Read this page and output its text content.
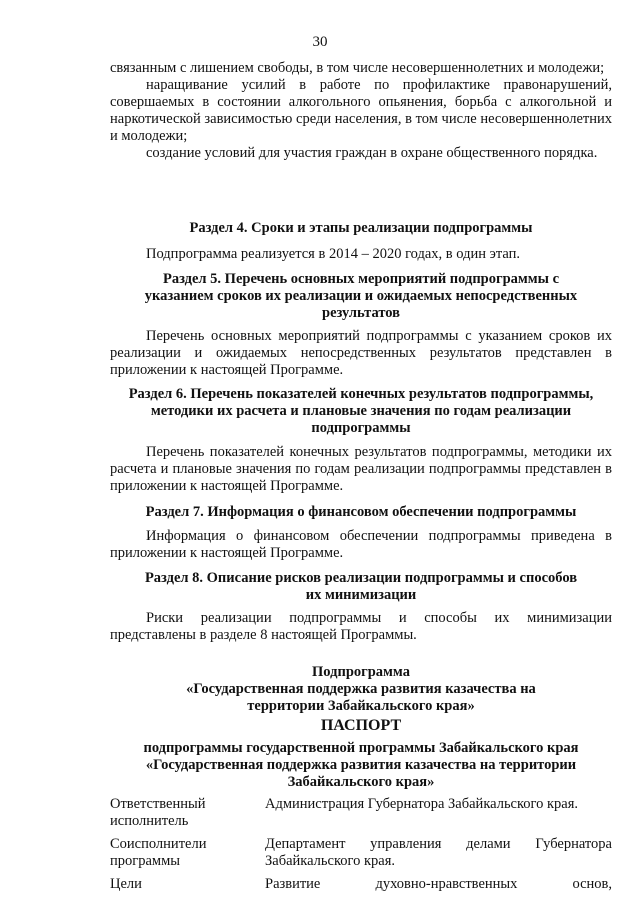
30

связанным с лишением свободы, в том числе несовершеннолетних и молодежи;

наращивание усилий в работе по профилактике правонарушений, совершаемых в состоянии алкогольного опьянения, борьба с алкогольной и наркотической зависимостью среди населения, в том числе несовершеннолетних и молодежи;

создание условий для участия граждан в охране общественного порядка.

Раздел 4. Сроки и этапы реализации подпрограммы

Подпрограмма реализуется в 2014 – 2020 годах, в один этап.

Раздел 5. Перечень основных мероприятий подпрограммы с указанием сроков их реализации и ожидаемых непосредственных результатов

Перечень основных мероприятий подпрограммы с указанием сроков их реализации и ожидаемых непосредственных результатов представлен в приложении к настоящей Программе.

Раздел 6. Перечень показателей конечных результатов подпрограммы, методики их расчета и плановые значения по годам реализации подпрограммы

Перечень показателей конечных результатов подпрограммы, методики их расчета и плановые значения по годам реализации подпрограммы представлен в приложении к настоящей Программе.

Раздел 7. Информация о финансовом обеспечении подпрограммы

Информация о финансовом обеспечении подпрограммы приведена в приложении к настоящей Программе.

Раздел 8. Описание рисков реализации подпрограммы и способов их минимизации

Риски реализации подпрограммы и способы их минимизации представлены в разделе 8 настоящей Программы.

Подпрограмма
«Государственная поддержка развития казачества на территории Забайкальского края»
ПАСПОРТ
подпрограммы государственной программы Забайкальского края «Государственная поддержка развития казачества на территории Забайкальского края»
Ответственный исполнитель
Администрация Губернатора Забайкальского края.
Соисполнители программы
Департамент управления делами Губернатора Забайкальского края.
Цели	Развитие духовно-нравственных основ,
